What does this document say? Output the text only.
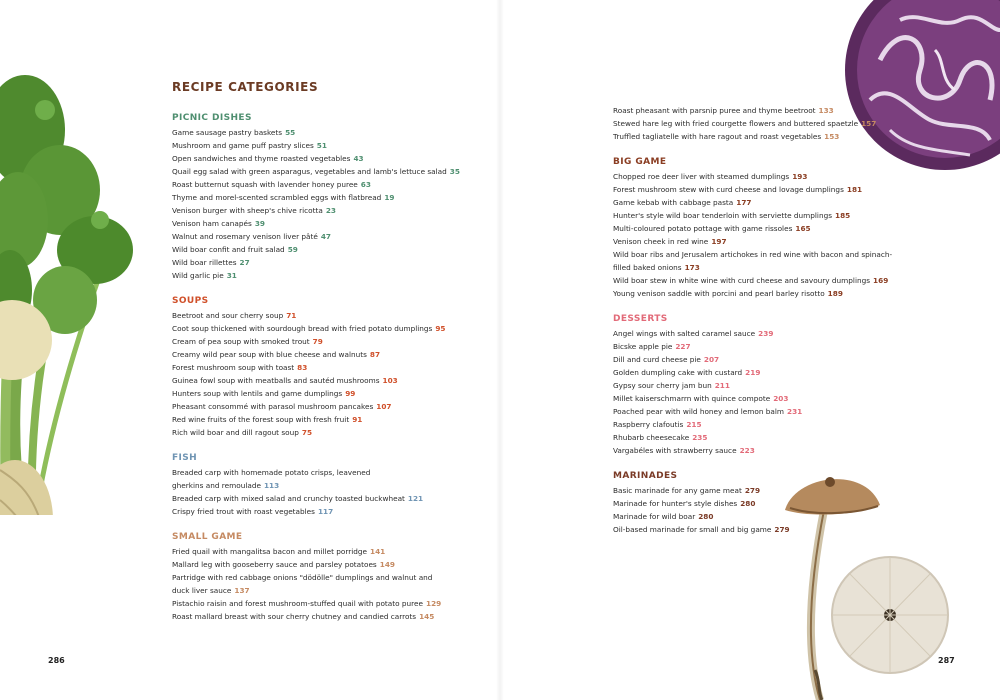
RECIPE CATEGORIES
PICNIC DISHES
Game sausage pastry baskets 55
Mushroom and game puff pastry slices 51
Open sandwiches and thyme roasted vegetables 43
Quail egg salad with green asparagus, vegetables and lamb's lettuce salad 35
Roast butternut squash with lavender honey puree 63
Thyme and morel-scented scrambled eggs with flatbread 19
Venison burger with sheep's chive ricotta 23
Venison ham canapés 39
Walnut and rosemary venison liver pâté 47
Wild boar confit and fruit salad 59
Wild boar rillettes 27
Wild garlic pie 31
SOUPS
Beetroot and sour cherry soup 71
Coot soup thickened with sourdough bread with fried potato dumplings 95
Cream of pea soup with smoked trout 79
Creamy wild pear soup with blue cheese and walnuts 87
Forest mushroom soup with toast 83
Guinea fowl soup with meatballs and sautéd mushrooms 103
Hunters soup with lentils and game dumplings 99
Pheasant consommé with parasol mushroom pancakes 107
Red wine fruits of the forest soup with fresh fruit 91
Rich wild boar and dill ragout soup 75
FISH
Breaded carp with homemade potato crisps, leavened gherkins and remoulade 113
Breaded carp with mixed salad and crunchy toasted buckwheat 121
Crispy fried trout with roast vegetables 117
SMALL GAME
Fried quail with mangalitsa bacon and millet porridge 141
Mallard leg with gooseberry sauce and parsley potatoes 149
Partridge with red cabbage onions "dödölle" dumplings and walnut and duck liver sauce 137
Pistachio raisin and forest mushroom-stuffed quail with potato puree 129
Roast mallard breast with sour cherry chutney and candied carrots 145
Roast pheasant with parsnip puree and thyme beetroot 133
Stewed hare leg with fried courgette flowers and buttered spaetzle 157
Truffled tagliatelle with hare ragout and roast vegetables 153
BIG GAME
Chopped roe deer liver with steamed dumplings 193
Forest mushroom stew with curd cheese and lovage dumplings 181
Game kebab with cabbage pasta 177
Hunter's style wild boar tenderloin with serviette dumplings 185
Multi-coloured potato pottage with game rissoles 165
Venison cheek in red wine 197
Wild boar ribs and Jerusalem artichokes in red wine with bacon and spinach-filled baked onions 173
Wild boar stew in white wine with curd cheese and savoury dumplings 169
Young venison saddle with porcini and pearl barley risotto 189
DESSERTS
Angel wings with salted caramel sauce 239
Bicske apple pie 227
Dill and curd cheese pie 207
Golden dumpling cake with custard 219
Gypsy sour cherry jam bun 211
Millet kaiserschmarrn with quince compote 203
Poached pear with wild honey and lemon balm 231
Raspberry clafoutis 215
Rhubarb cheesecake 235
Vargabéles with strawberry sauce 223
MARINADES
Basic marinade for any game meat 279
Marinade for hunter's style dishes 280
Marinade for wild boar 280
Oil-based marinade for small and big game 279
286	287
